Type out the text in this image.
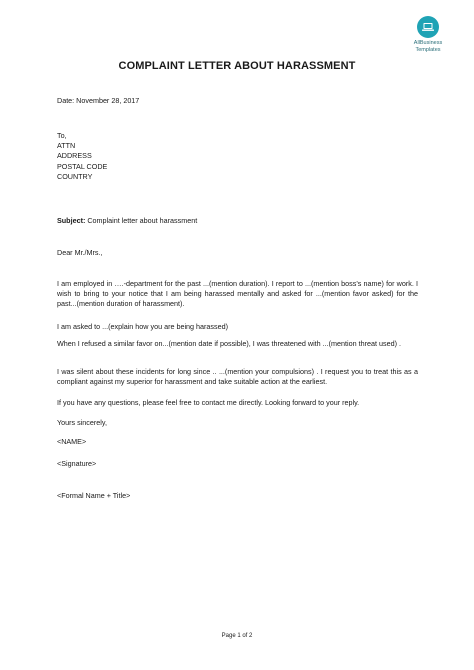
AllBusiness
Templates
COMPLAINT LETTER ABOUT HARASSMENT
Date: November 28, 2017
To,
ATTN
ADDRESS
POSTAL CODE
COUNTRY
Subject: Complaint letter about harassment
Dear Mr./Mrs.,
I am employed in ….-department for the past ...(mention duration). I report to ...(mention boss’s name) for work. I wish to bring to your notice that I am being harassed mentally and asked for ...(mention favor asked) for the past...(mention duration of harassment).
I am asked to ...(explain how you are being harassed)
When I refused a similar favor on...(mention date if possible), I was threatened with ...(mention threat used) .
I was silent about these incidents for long since .. ...(mention your compulsions) . I request you to treat this as a compliant against my superior for harassment and take suitable action at the earliest.
If you have any questions, please feel free to contact me directly. Looking forward to your reply.
Yours sincerely,
<NAME>
<Signature>
<Formal Name + Title>
Page 1 of 2
